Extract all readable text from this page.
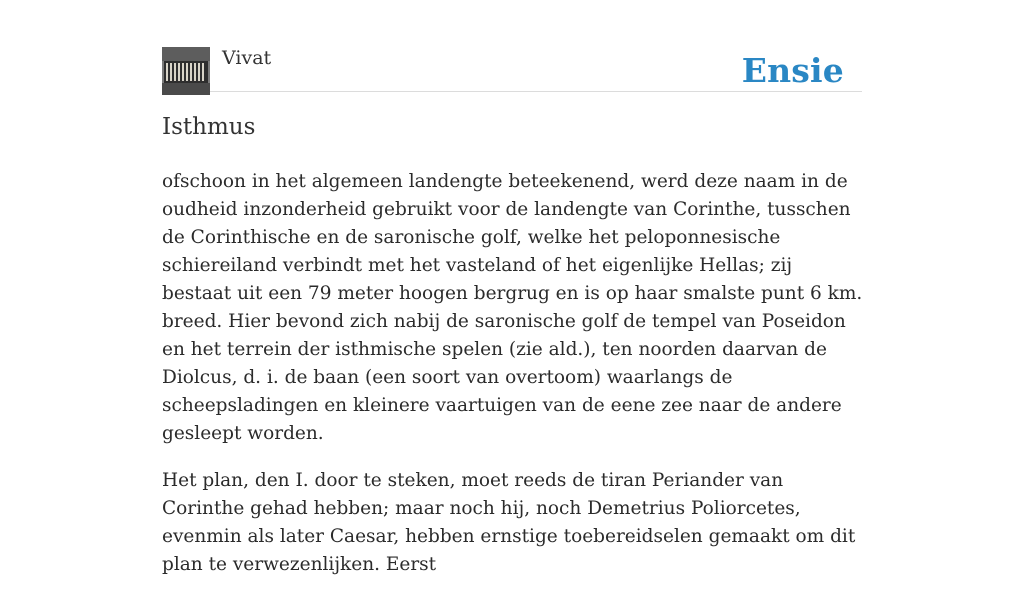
Vivat	Ensie
Isthmus

ofschoon in het algemeen landengte beteekenend, werd deze naam in de oudheid inzonderheid gebruikt voor de landengte van Corinthe, tusschen de Corinthische en de saronische golf, welke het peloponnesische schiereiland verbindt met het vasteland of het eigenlijke Hellas; zij bestaat uit een 79 meter hoogen bergrug en is op haar smalste punt 6 km. breed. Hier bevond zich nabij de saronische golf de tempel van Poseidon en het terrein der isthmische spelen (zie ald.), ten noorden daarvan de Diolcus, d. i. de baan (een soort van overtoom) waarlangs de scheepsladingen en kleinere vaartuigen van de eene zee naar de andere gesleept worden.

Het plan, den I. door te steken, moet reeds de tiran Periander van Corinthe gehad hebben; maar noch hij, noch Demetrius Poliorcetes, evenmin als later Caesar, hebben ernstige toebereidselen gemaakt om dit plan te verwezenlijken. Eerst
